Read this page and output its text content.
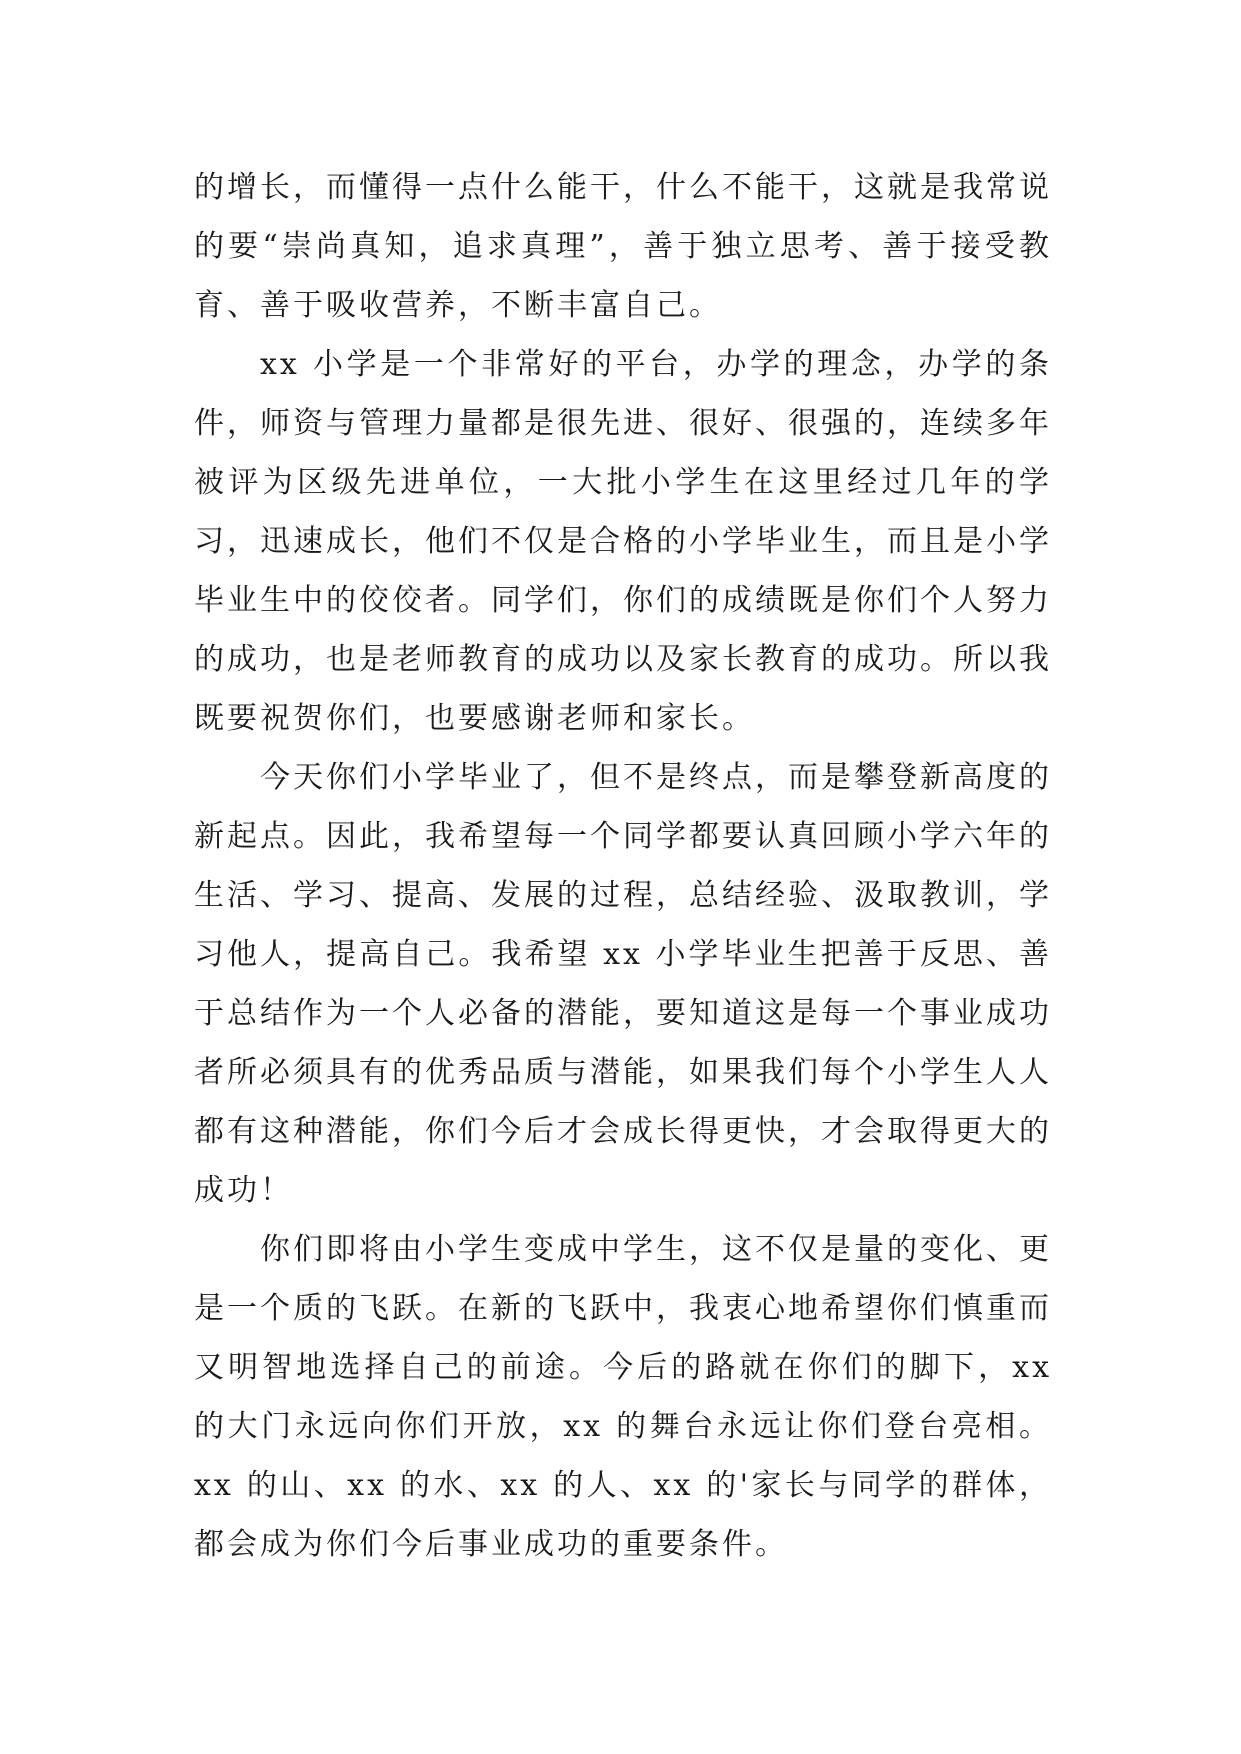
的增长，而懂得一点什么能干，什么不能干，这就是我常说的要“崇尚真知，追求真理”，善于独立思考、善于接受教育、善于吸收营养，不断丰富自己。

xx 小学是一个非常好的平台，办学的理念，办学的条件，师资与管理力量都是很先进、很好、很强的，连续多年被评为区级先进单位，一大批小学生在这里经过几年的学习，迅速成长，他们不仅是合格的小学毕业生，而且是小学毕业生中的佼佼者。同学们，你们的成绩既是你们个人努力的成功，也是老师教育的成功以及家长教育的成功。所以我既要祝贺你们，也要感谢老师和家长。

今天你们小学毕业了，但不是终点，而是攀登新高度的新起点。因此，我希望每一个同学都要认真回顾小学六年的生活、学习、提高、发展的过程，总结经验、汲取教训，学习他人，提高自己。我希望 xx 小学毕业生把善于反思、善于总结作为一个人必备的潜能，要知道这是每一个事业成功者所必须具有的优秀品质与潜能，如果我们每个小学生人人都有这种潜能，你们今后才会成长得更快，才会取得更大的成功！

你们即将由小学生变成中学生，这不仅是量的变化、更是一个质的飞跃。在新的飞跃中，我衷心地希望你们慎重而又明智地选择自己的前途。今后的路就在你们的脚下，xx 的大门永远向你们开放，xx 的舞台永远让你们登台亮相。xx 的山、xx 的水、xx 的人、xx 的'家长与同学的群体，都会成为你们今后事业成功的重要条件。
